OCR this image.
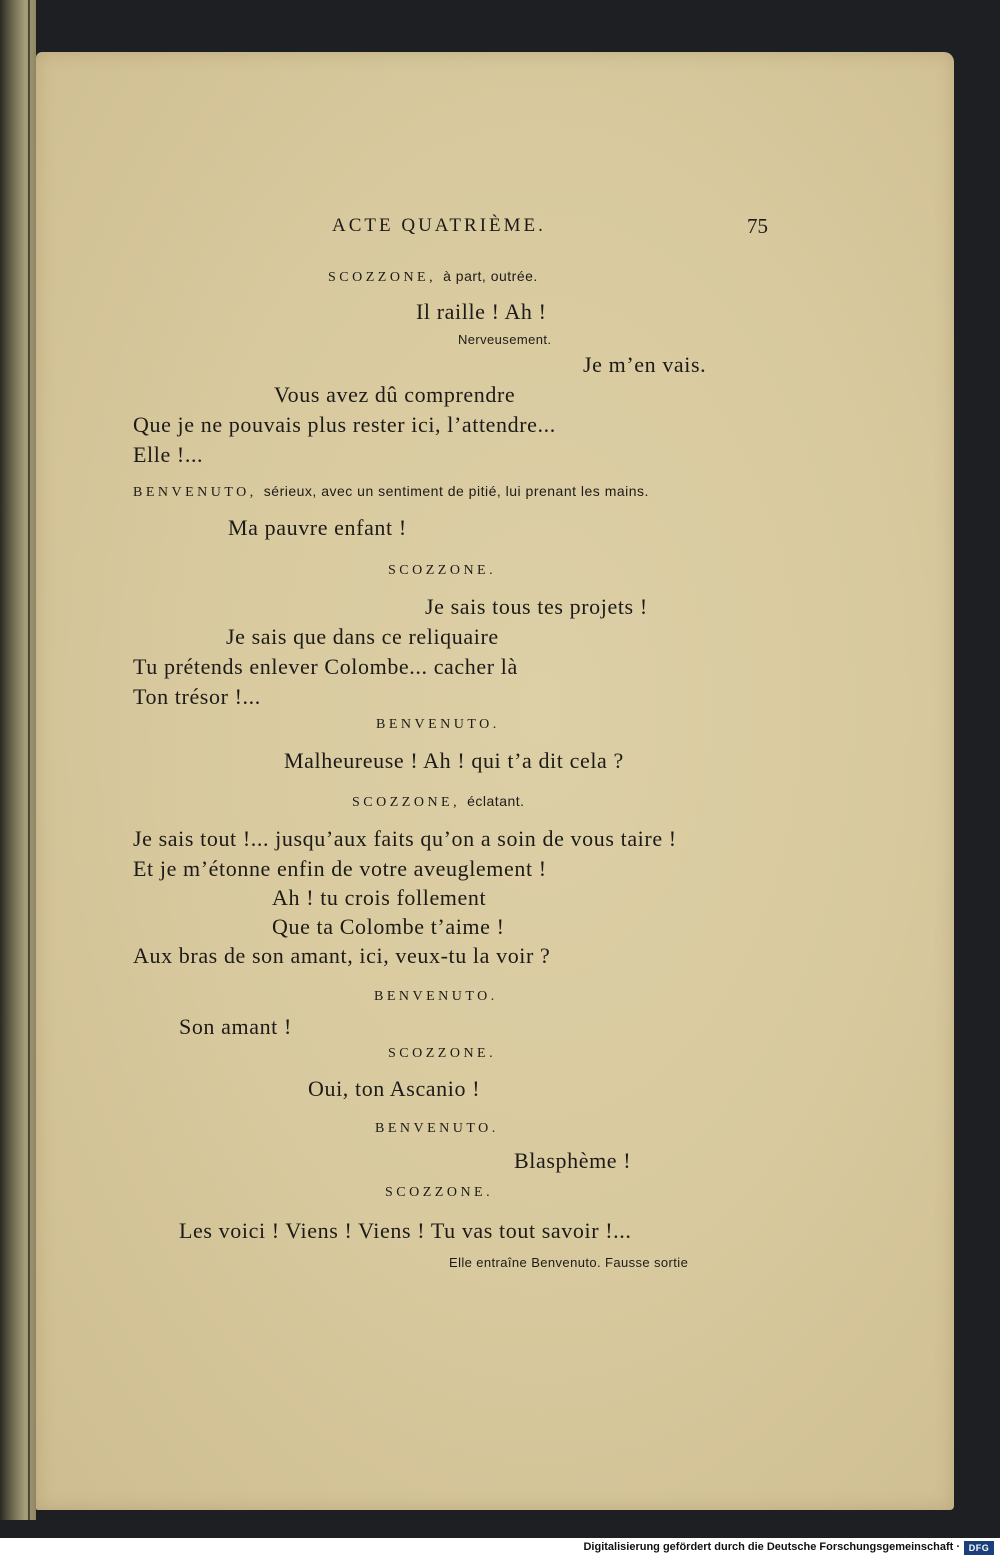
ACTE QUATRIÈME.	75
SCOZZONE, à part, outrée.
Il raille ! Ah !
Nerveusement.
Je m’en vais.
Vous avez dû comprendre
Que je ne pouvais plus rester ici, l’attendre...
Elle !...
BENVENUTO, sérieux, avec un sentiment de pitié, lui prenant les mains.
Ma pauvre enfant !
SCOZZONE.
Je sais tous tes projets !
Je sais que dans ce reliquaire
Tu prétends enlever Colombe... cacher là
Ton trésor !...
BENVENUTO.
Malheureuse ! Ah ! qui t’a dit cela ?
SCOZZONE, éclatant.
Je sais tout !... jusqu’aux faits qu’on a soin de vous taire !
Et je m’étonne enfin de votre aveuglement !
Ah ! tu crois follement
Que ta Colombe t’aime !
Aux bras de son amant, ici, veux-tu la voir ?
BENVENUTO.
Son amant !
SCOZZONE.
Oui, ton Ascanio !
BENVENUTO.
Blasphème !
SCOZZONE.
Les voici ! Viens ! Viens ! Tu vas tout savoir !...
Elle entraîne Benvenuto. Fausse sortie
Digitalisierung gefördert durch die Deutsche Forschungsgemeinschaft · DFG
